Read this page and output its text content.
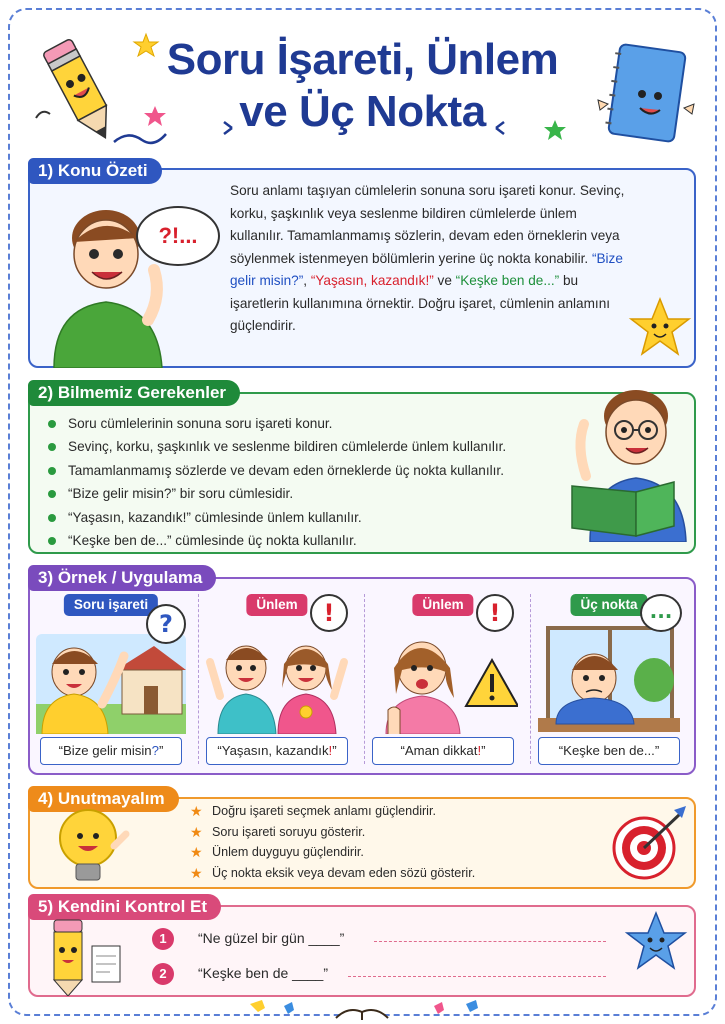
Soru İşareti, Ünlem
ve Üç Nokta
1) Konu Özeti
?!...
Soru anlamı taşıyan cümlelerin sonuna soru işareti konur. Sevinç, korku, şaşkınlık veya seslenme bildiren cümlelerde ünlem kullanılır. Tamamlanmamış sözlerin, devam eden örneklerin veya söylenmek istenmeyen bölümlerin yerine üç nokta konabilir. “Bize gelir misin?”, “Yaşasın, kazandık!” ve “Keşke ben de...” bu işaretlerin kullanımına örnektir. Doğru işaret, cümlenin anlamını güçlendirir.
2) Bilmemiz Gerekenler
Soru cümlelerinin sonuna soru işareti konur.
Sevinç, korku, şaşkınlık ve seslenme bildiren cümlelerde ünlem kullanılır.
Tamamlanmamış sözlerde ve devam eden örneklerde üç nokta kullanılır.
“Bize gelir misin?” bir soru cümlesidir.
“Yaşasın, kazandık!” cümlesinde ünlem kullanılır.
“Keşke ben de...” cümlesinde üç nokta kullanılır.
3) Örnek / Uygulama
Soru işareti
?
“Bize gelir misin?”
Ünlem	!
“Yaşasın, kazandık!”
Ünlem	!
“Aman dikkat!”
Üç nokta ...
“Keşke ben de...”
4) Unutmayalım
★ Doğru işareti seçmek anlamı güçlendirir.
★ Soru işareti soruyu gösterir.
★ Ünlem duyguyu güçlendirir.
★ Üç nokta eksik veya devam eden sözü gösterir.
5) Kendini Kontrol Et
1	“Ne güzel bir gün ____”
2	“Keşke ben de ____”
